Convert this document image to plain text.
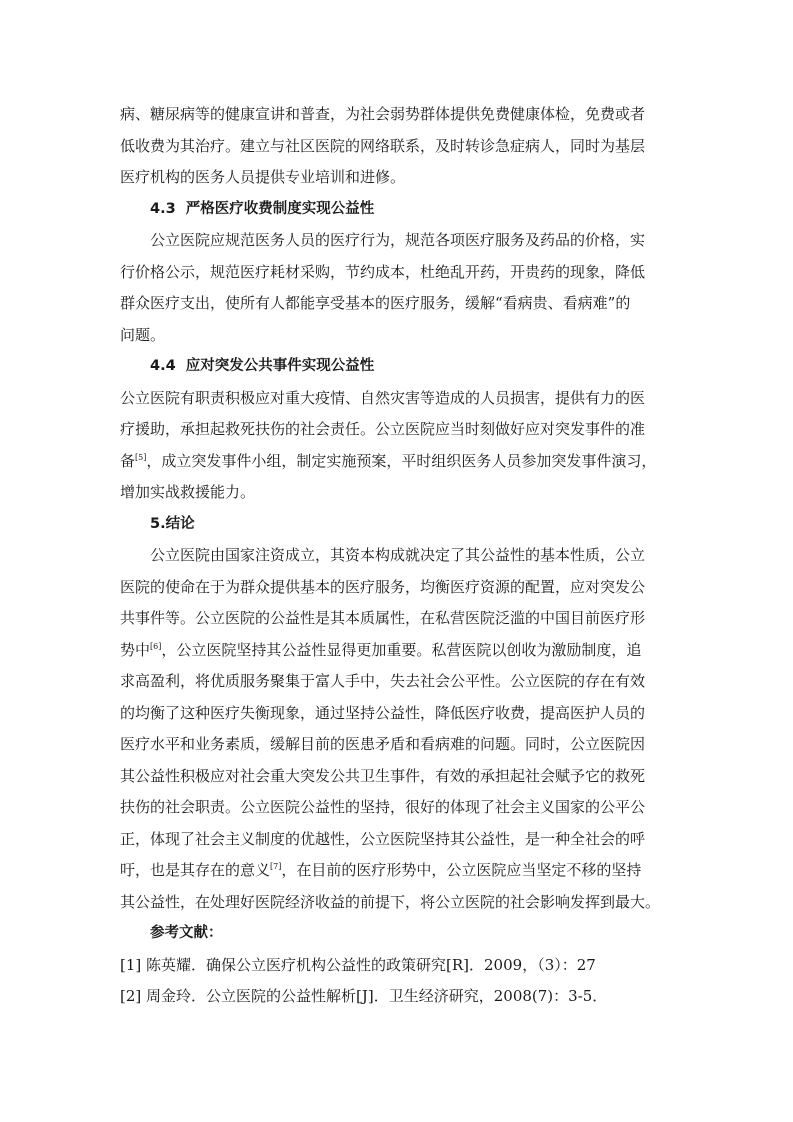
病、糖尿病等的健康宣讲和普查，为社会弱势群体提供免费健康体检，免费或者
低收费为其治疗。建立与社区医院的网络联系，及时转诊急症病人，同时为基层
医疗机构的医务人员提供专业培训和进修。
4.3 严格医疗收费制度实现公益性
公立医院应规范医务人员的医疗行为，规范各项医疗服务及药品的价格，实
行价格公示，规范医疗耗材采购，节约成本，杜绝乱开药，开贵药的现象，降低
群众医疗支出，使所有人都能享受基本的医疗服务，缓解“看病贵、看病难”的
问题。
4.4 应对突发公共事件实现公益性
公立医院有职责积极应对重大疫情、自然灾害等造成的人员损害，提供有力的医
疗援助，承担起救死扶伤的社会责任。公立医院应当时刻做好应对突发事件的准
备[5]，成立突发事件小组，制定实施预案，平时组织医务人员参加突发事件演习，
增加实战救援能力。
5.结论
公立医院由国家注资成立，其资本构成就决定了其公益性的基本性质，公立
医院的使命在于为群众提供基本的医疗服务，均衡医疗资源的配置，应对突发公
共事件等。公立医院的公益性是其本质属性，在私营医院泛滥的中国目前医疗形
势中[6]，公立医院坚持其公益性显得更加重要。私营医院以创收为激励制度，追
求高盈利，将优质服务聚集于富人手中，失去社会公平性。公立医院的存在有效
的均衡了这种医疗失衡现象，通过坚持公益性，降低医疗收费，提高医护人员的
医疗水平和业务素质，缓解目前的医患矛盾和看病难的问题。同时，公立医院因
其公益性积极应对社会重大突发公共卫生事件，有效的承担起社会赋予它的救死
扶伤的社会职责。公立医院公益性的坚持，很好的体现了社会主义国家的公平公
正，体现了社会主义制度的优越性，公立医院坚持其公益性，是一种全社会的呼
吁，也是其存在的意义[7]，在目前的医疗形势中，公立医院应当坚定不移的坚持
其公益性，在处理好医院经济收益的前提下，将公立医院的社会影响发挥到最大。
参考文献：
[1] 陈英耀．确保公立医疗机构公益性的政策研究[R]．2009，（3）：27
[2] 周金玲．公立医院的公益性解析[J]．卫生经济研究，2008(7)：3-5．
